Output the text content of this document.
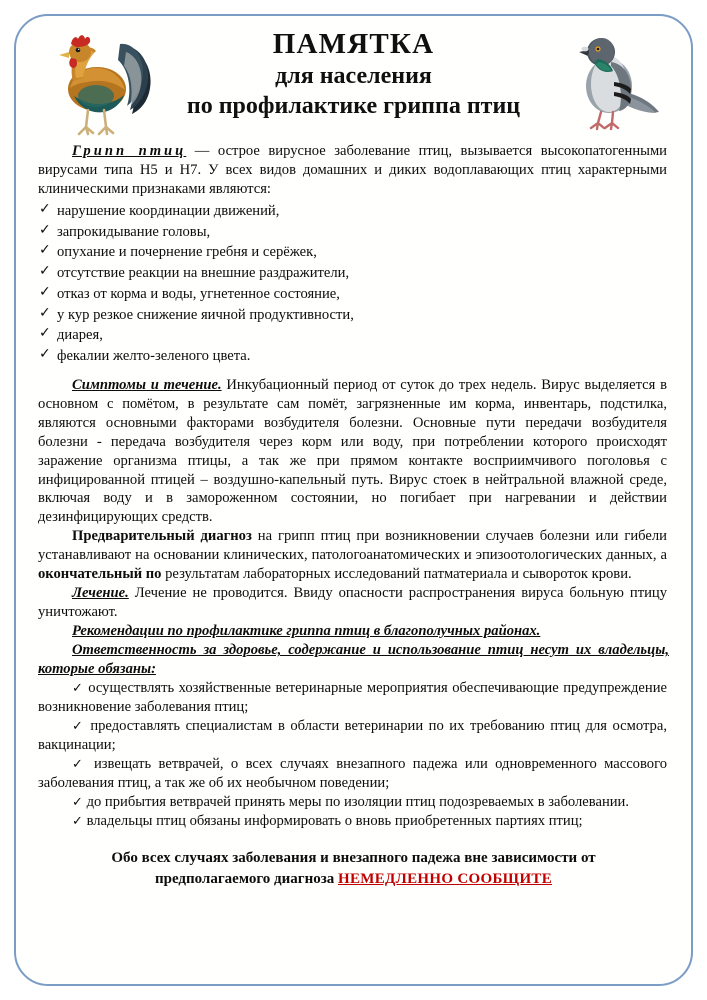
ПАМЯТКА
для населения
по профилактике гриппа птиц

Грипп птиц — острое вирусное заболевание птиц, вызывается высокопатогенными вирусами типа H5 и H7. У всех видов домашних и диких водоплавающих птиц характерными клиническими признаками являются:

✓ нарушение координации движений,
✓ запрокидывание головы,
✓ опухание и почернение гребня и серёжек,
✓ отсутствие реакции на внешние раздражители,
✓ отказ от корма и воды, угнетенное состояние,
✓ у кур резкое снижение яичной продуктивности,
✓ диарея,
✓ фекалии желто-зеленого цвета.

Симптомы и течение. Инкубационный период от суток до трех недель. Вирус выделяется в основном с помётом, в результате сам помёт, загрязненные им корма, инвентарь, подстилка, являются основными факторами возбудителя болезни. Основные пути передачи возбудителя болезни - передача возбудителя через корм или воду, при потреблении которого происходят заражение организма птицы, а так же при прямом контакте восприимчивого поголовья с инфицированной птицей – воздушно-капельный путь. Вирус стоек в нейтральной влажной среде, включая воду и в замороженном состоянии, но погибает при нагревании и действии дезинфицирующих средств.

Предварительный диагноз на грипп птиц при возникновении случаев болезни или гибели устанавливают на основании клинических, патологоанатомических и эпизоотологических данных, а окончательный по результатам лабораторных исследований патматериала и сывороток крови.

Лечение. Лечение не проводится. Ввиду опасности распространения вируса больную птицу уничтожают.

Рекомендации по профилактике гриппа птиц в благополучных районах.

Ответственность за здоровье, содержание и использование птиц несут их владельцы, которые обязаны:

✓ осуществлять хозяйственные ветеринарные мероприятия обеспечивающие предупреждение возникновение заболевания птиц;
✓ предоставлять специалистам в области ветеринарии по их требованию птиц для осмотра, вакцинации;
✓ извещать ветврачей, о всех случаях внезапного падежа или одновременного массового заболевания птиц, а так же об их необычном поведении;
✓ до прибытия ветврачей принять меры по изоляции птиц подозреваемых в заболевании.
✓ владельцы птиц обязаны информировать о вновь приобретенных партиях птиц;
Обо всех случаях заболевания и внезапного падежа вне зависимости от предполагаемого диагноза НЕМЕДЛЕННО СООБЩИТЕ
